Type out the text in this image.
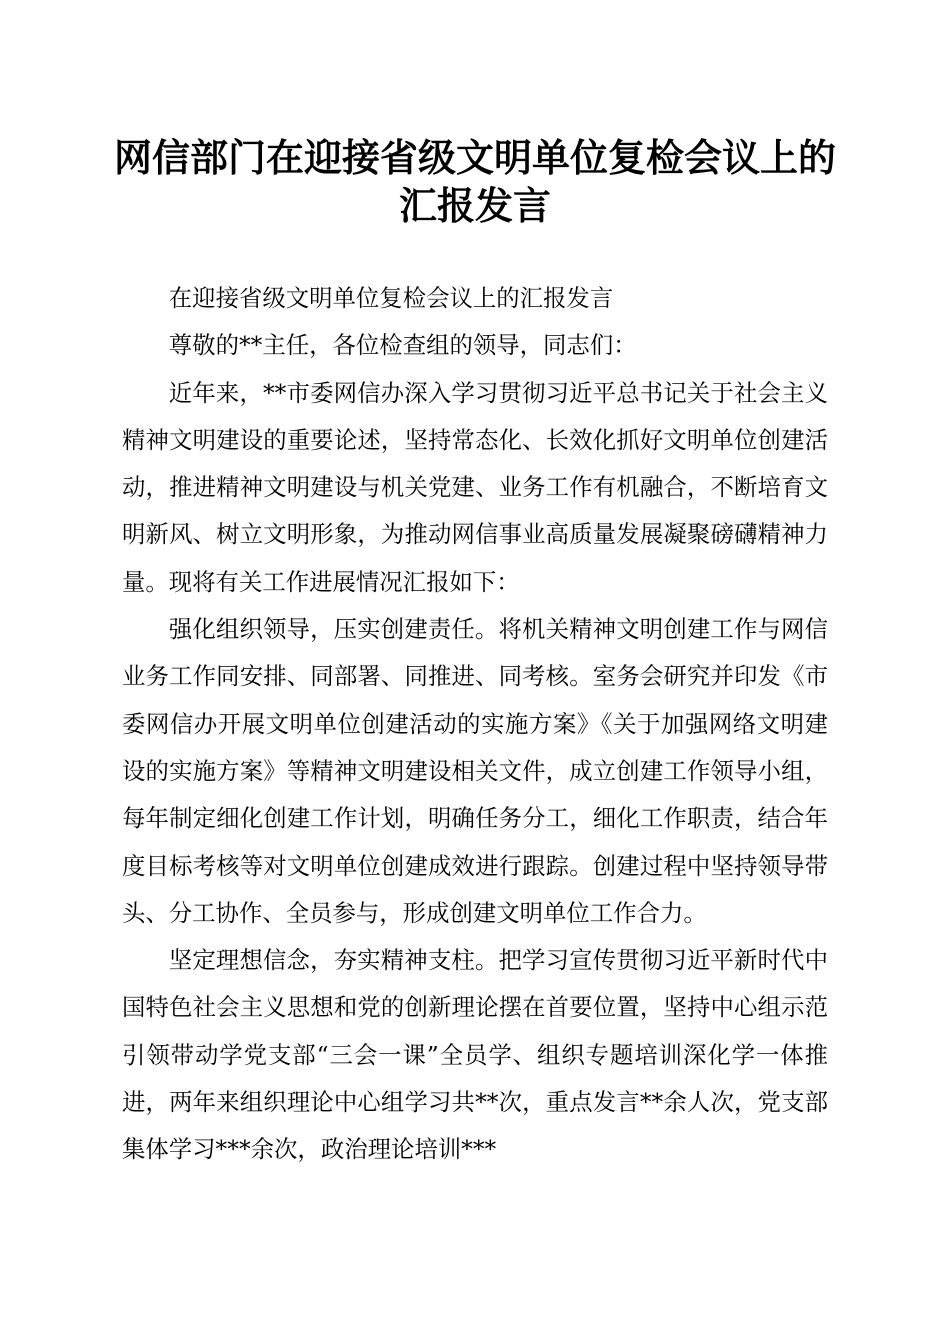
网信部门在迎接省级文明单位复检会议上的汇报发言

在迎接省级文明单位复检会议上的汇报发言

尊敬的**主任，各位检查组的领导，同志们：

近年来，**市委网信办深入学习贯彻习近平总书记关于社会主义精神文明建设的重要论述，坚持常态化、长效化抓好文明单位创建活动，推进精神文明建设与机关党建、业务工作有机融合，不断培育文明新风、树立文明形象，为推动网信事业高质量发展凝聚磅礴精神力量。现将有关工作进展情况汇报如下：

强化组织领导，压实创建责任。将机关精神文明创建工作与网信业务工作同安排、同部署、同推进、同考核。室务会研究并印发《市委网信办开展文明单位创建活动的实施方案》《关于加强网络文明建设的实施方案》等精神文明建设相关文件，成立创建工作领导小组，每年制定细化创建工作计划，明确任务分工，细化工作职责，结合年度目标考核等对文明单位创建成效进行跟踪。创建过程中坚持领导带头、分工协作、全员参与，形成创建文明单位工作合力。

坚定理想信念，夯实精神支柱。把学习宣传贯彻习近平新时代中国特色社会主义思想和党的创新理论摆在首要位置，坚持中心组示范引领带动学党支部“三会一课”全员学、组织专题培训深化学一体推进，两年来组织理论中心组学习共**次，重点发言**余人次，党支部集体学习***余次，政治理论培训***
